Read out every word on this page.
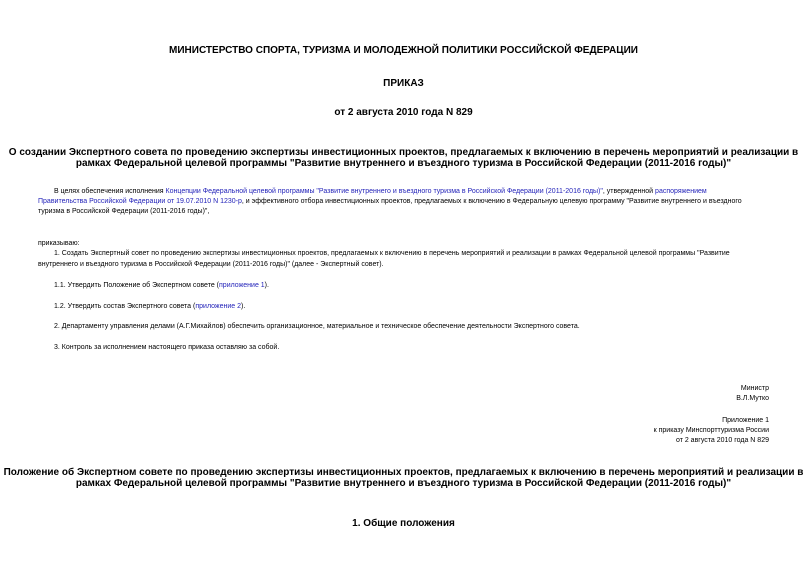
МИНИСТЕРСТВО СПОРТА, ТУРИЗМА И МОЛОДЕЖНОЙ ПОЛИТИКИ РОССИЙСКОЙ ФЕДЕРАЦИИ
ПРИКАЗ
от 2 августа 2010 года N 829
О создании Экспертного совета по проведению экспертизы инвестиционных проектов, предлагаемых к включению в перечень мероприятий и реализации в
рамках Федеральной целевой программы "Развитие внутреннего и въездного туризма в Российской Федерации (2011-2016 годы)"
В целях обеспечения исполнения Концепции Федеральной целевой программы "Развитие внутреннего и въездного туризма в Российской Федерации (2011-2016 годы)", утвержденной распоряжением
Правительства Российской Федерации от 19.07.2010 N 1230-р, и эффективного отбора инвестиционных проектов, предлагаемых к включению в Федеральную целевую программу "Развитие внутреннего и въездного
туризма в Российской Федерации (2011-2016 годы)",
приказываю:
1. Создать Экспертный совет по проведению экспертизы инвестиционных проектов, предлагаемых к включению в перечень мероприятий и реализации в рамках Федеральной целевой программы "Развитие
внутреннего и въездного туризма в Российской Федерации (2011-2016 годы)" (далее - Экспертный совет).
1.1. Утвердить Положение об Экспертном совете (приложение 1).
1.2. Утвердить состав Экспертного совета (приложение 2).
2. Департаменту управления делами (А.Г.Михайлов) обеспечить организационное, материальное и техническое обеспечение деятельности Экспертного совета.
3. Контроль за исполнением настоящего приказа оставляю за собой.
Министр
В.Л.Мутко
Приложение 1
к приказу Минспорттуризма России
от 2 августа 2010 года N 829
Положение об Экспертном совете по проведению экспертизы инвестиционных проектов, предлагаемых к включению в перечень мероприятий и реализации в
рамках Федеральной целевой программы "Развитие внутреннего и въездного туризма в Российской Федерации (2011-2016 годы)"
1. Общие положения
